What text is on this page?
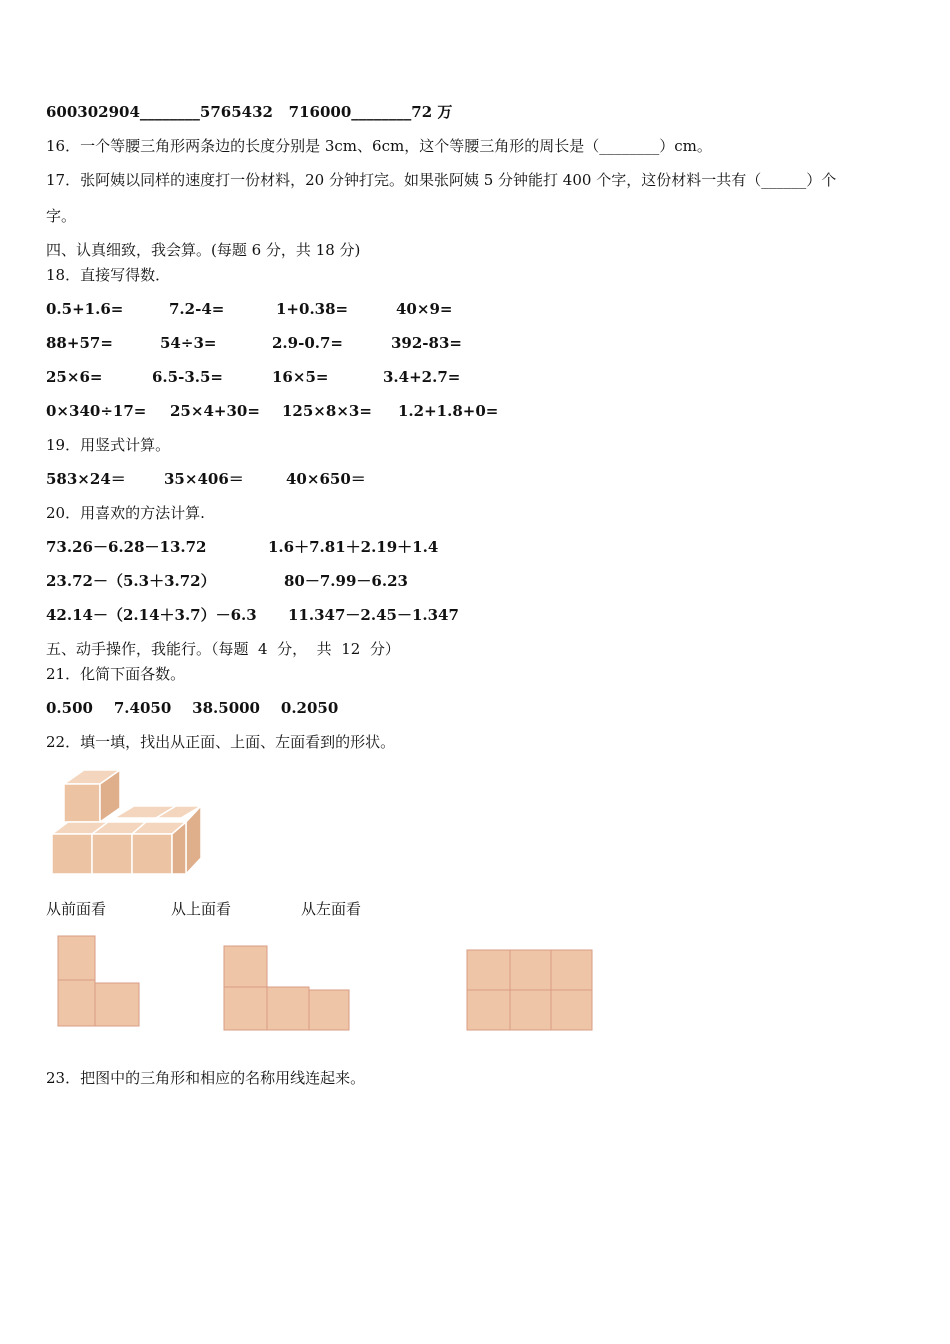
600302904________5765432   716000________72 万
16．一个等腰三角形两条边的长度分别是 3cm、6cm，这个等腰三角形的周长是（________）cm。
17．张阿姨以同样的速度打一份材料，20 分钟打完。如果张阿姨 5 分钟能打 400 个字，这份材料一共有（______）个
字。
四、认真细致，我会算。(每题 6 分，共 18 分)
18．直接写得数．
0.5+1.6=	7.2-4=	1+0.38=	40×9=
88+57=	54÷3=	2.9-0.7=	392-83=
25×6=	6.5-3.5=	16×5=	3.4+2.7=
0×340÷17= 25×4+30= 125×8×3= 1.2+1.8+0=
19．用竖式计算。
583×24＝	35×406＝	40×650＝
20．用喜欢的方法计算.
73.26－6.28－13.72	1.6＋7.81＋2.19＋1.4
23.72－（5.3＋3.72）	80－7.99－6.23
42.14－（2.14＋3.7）－6.3 11.347－2.45－1.347
五、动手操作，我能行。（每题  4  分，  共  12  分）
21．化简下面各数。
0.500    7.4050    38.5000    0.2050
22．填一填，找出从正面、上面、左面看到的形状。
从前面看	从上面看	从左面看
23．把图中的三角形和相应的名称用线连起来。
